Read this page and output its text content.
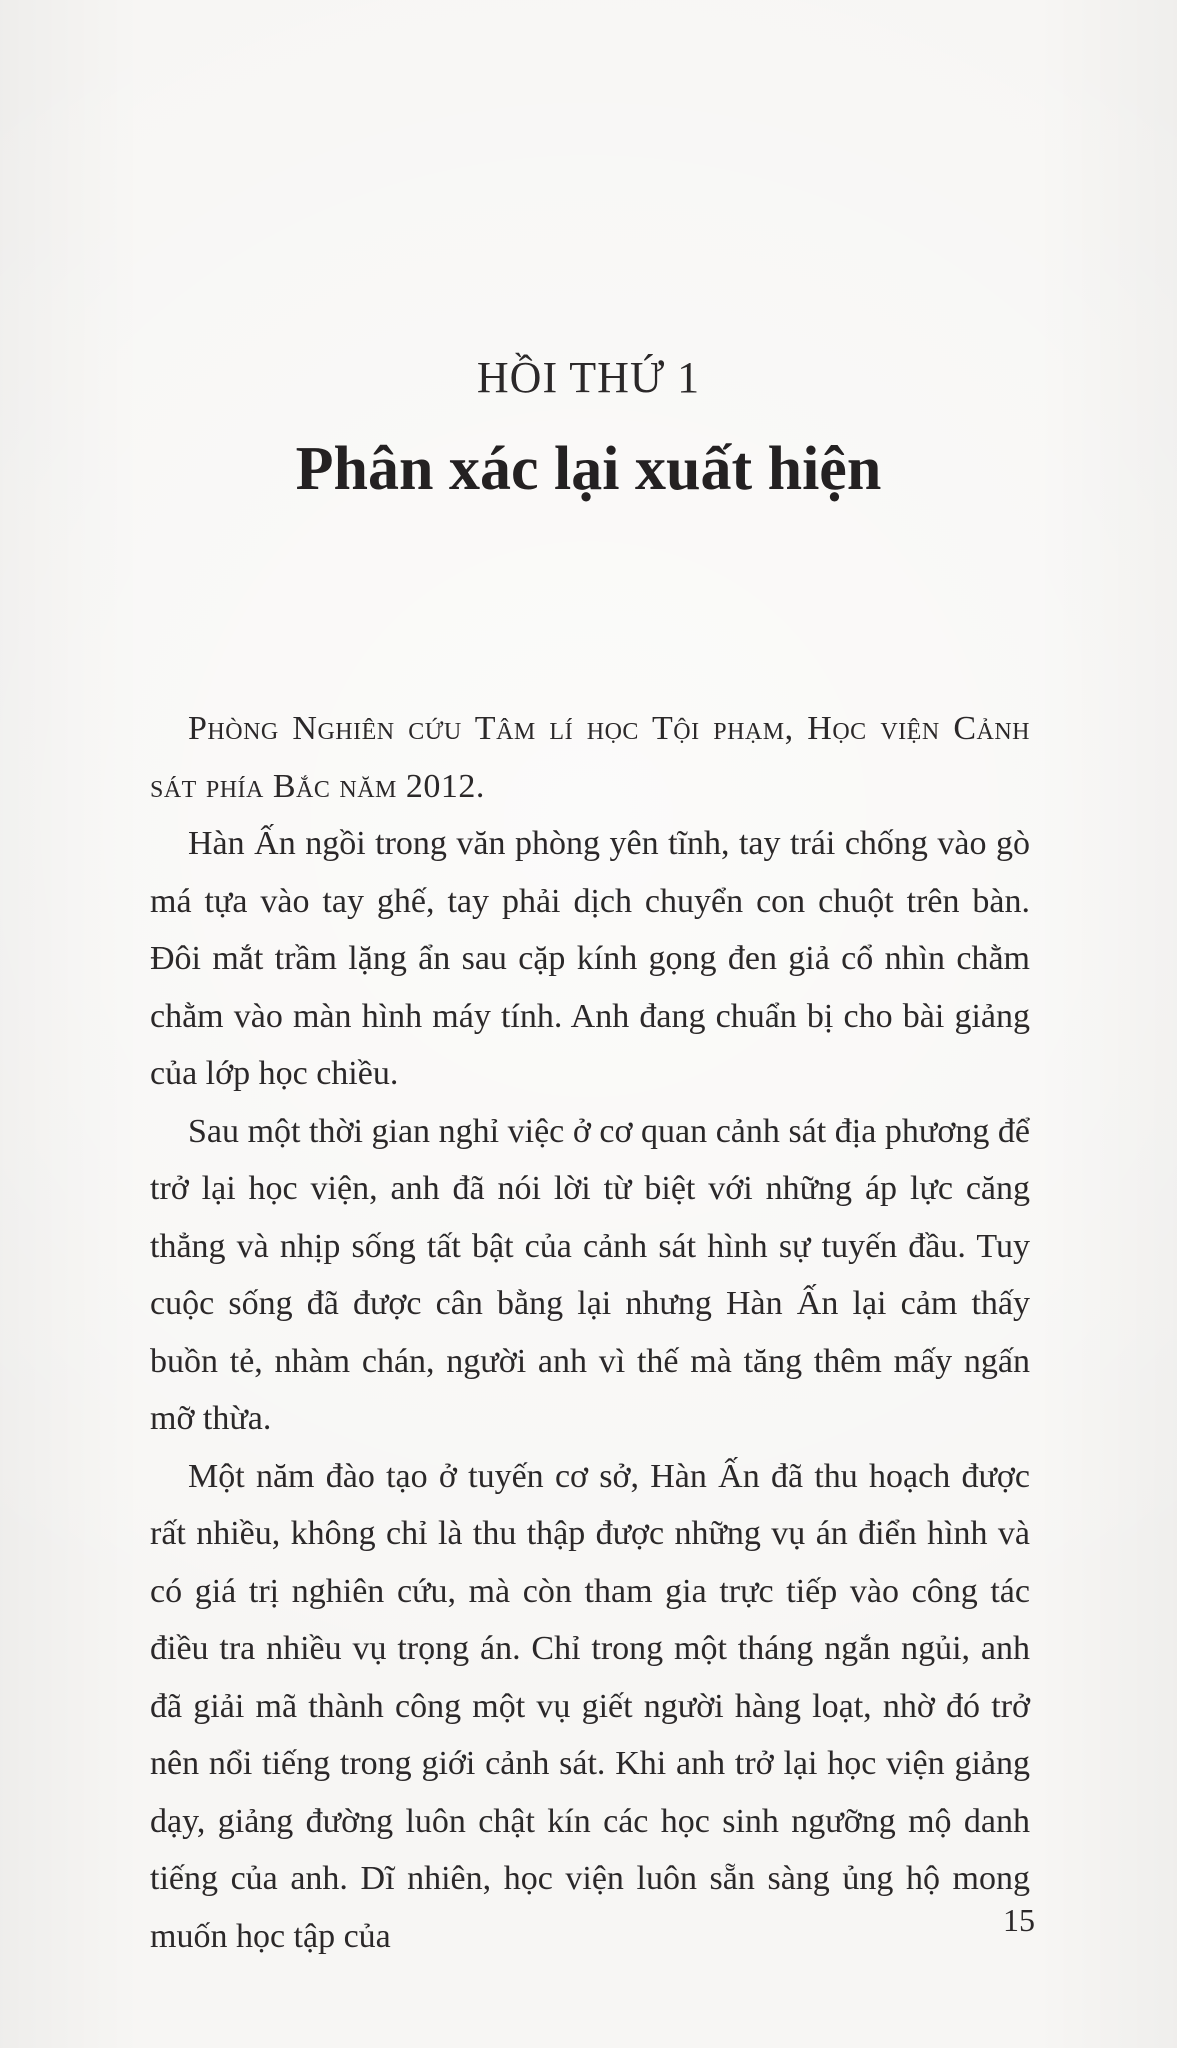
HỒI THỨ 1
Phân xác lại xuất hiện

Phòng Nghiên cứu Tâm lí học Tội phạm, Học viện Cảnh sát phía Bắc năm 2012.

Hàn Ấn ngồi trong văn phòng yên tĩnh, tay trái chống vào gò má tựa vào tay ghế, tay phải dịch chuyển con chuột trên bàn. Đôi mắt trầm lặng ẩn sau cặp kính gọng đen giả cổ nhìn chằm chằm vào màn hình máy tính. Anh đang chuẩn bị cho bài giảng của lớp học chiều.

Sau một thời gian nghỉ việc ở cơ quan cảnh sát địa phương để trở lại học viện, anh đã nói lời từ biệt với những áp lực căng thẳng và nhịp sống tất bật của cảnh sát hình sự tuyến đầu. Tuy cuộc sống đã được cân bằng lại nhưng Hàn Ấn lại cảm thấy buồn tẻ, nhàm chán, người anh vì thế mà tăng thêm mấy ngấn mỡ thừa.

Một năm đào tạo ở tuyến cơ sở, Hàn Ấn đã thu hoạch được rất nhiều, không chỉ là thu thập được những vụ án điển hình và có giá trị nghiên cứu, mà còn tham gia trực tiếp vào công tác điều tra nhiều vụ trọng án. Chỉ trong một tháng ngắn ngủi, anh đã giải mã thành công một vụ giết người hàng loạt, nhờ đó trở nên nổi tiếng trong giới cảnh sát. Khi anh trở lại học viện giảng dạy, giảng đường luôn chật kín các học sinh ngưỡng mộ danh tiếng của anh. Dĩ nhiên, học viện luôn sẵn sàng ủng hộ mong muốn học tập của	15
